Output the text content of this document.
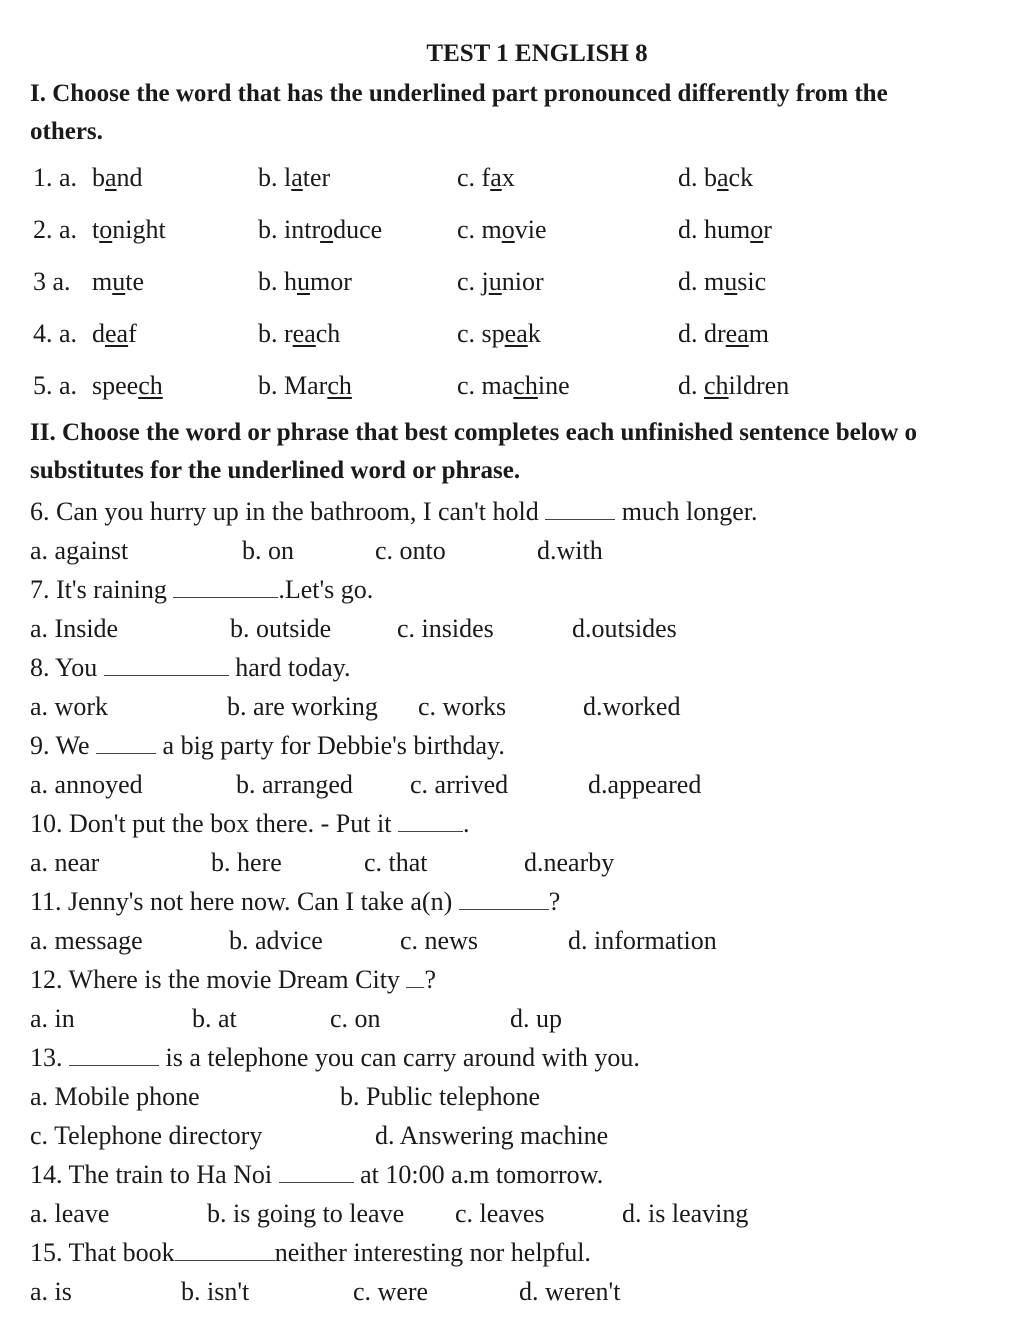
TEST 1 ENGLISH 8
I. Choose the word that has the underlined part pronounced differently from the
others.
1. a. band	b. later	c. fax	d. back
2. a. tonight	b. introduce	c. movie	d. humor
3 a. mute	b. humor	c. junior	d. music
4. a. deaf	b. reach	c. speak	d. dream
5. a. speech	b. March	c. machine	d. children
II. Choose the word or phrase that best completes each unfinished sentence below o
substitutes for the underlined word or phrase.
6. Can you hurry up in the bathroom, I can't hold	much longer.
a. against	b. on	c. onto	d.with
7. It's raining	.Let's go.
a. Inside	b. outside	c. insides	d.outsides
8. You	hard today.
a. work	b. are working c. works	d.worked
9. We  a big party for Debbie's birthday.
a. annoyed	b. arranged c. arrived	d.appeared
10. Don't put the box there. - Put it	.
a. near	b. here	c. that	d.nearby
11. Jenny's not here now. Can I take a(n)	?
a. message	b. advice	c. news	d. information
12. Where is the movie Dream City ?
a. in	b. at	c. on	d. up
13.	is a telephone you can carry around with you.
a. Mobile phone	b. Public telephone
c. Telephone directory	d. Answering machine
14. The train to Ha Noi	at 10:00 a.m tomorrow.
a. leave	b. is going to leave c. leaves	d. is leaving
15. That book	neither interesting nor helpful.
a. is	b. isn't	c. were	d. weren't
